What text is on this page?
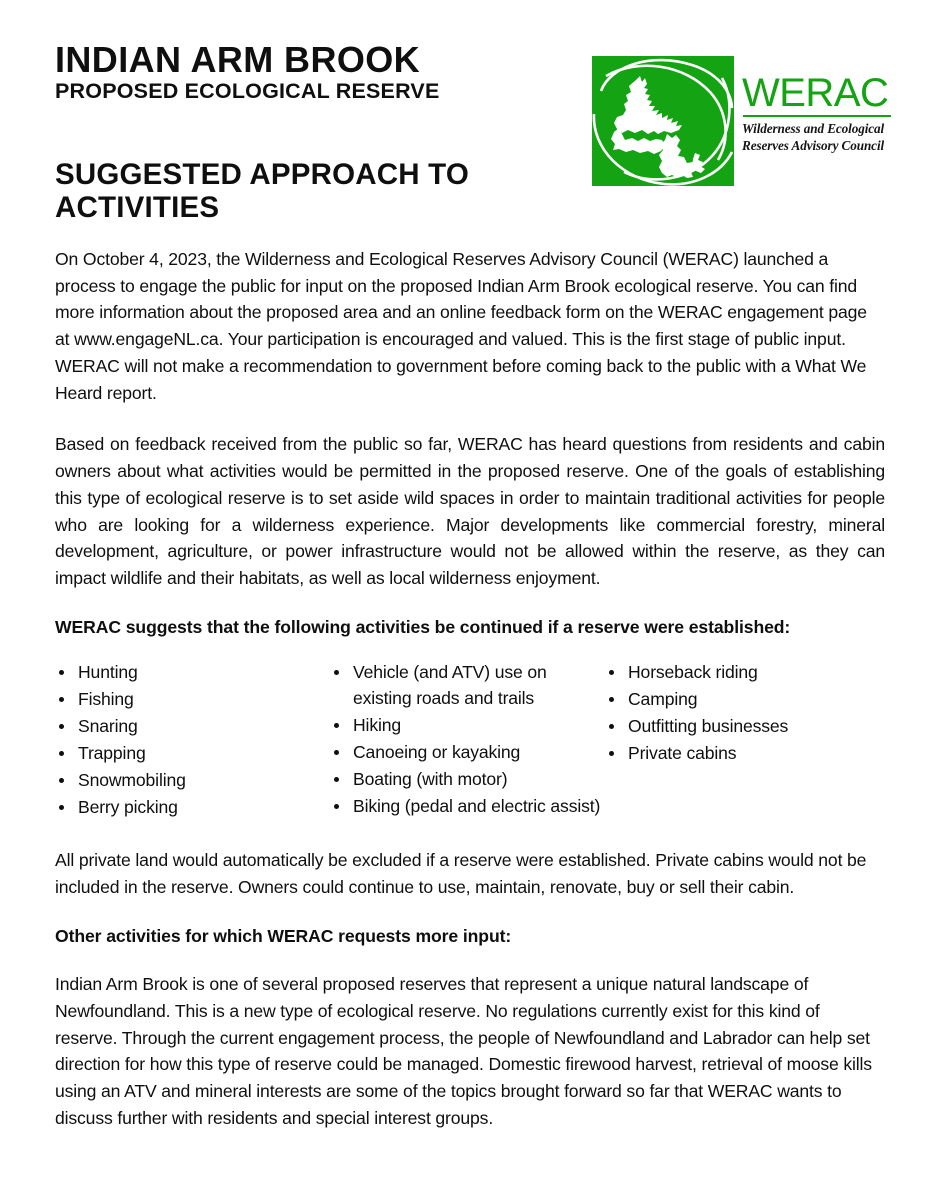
INDIAN ARM BROOK
PROPOSED ECOLOGICAL RESERVE
SUGGESTED APPROACH TO ACTIVITIES
WERAC
Wilderness and Ecological
Reserves Advisory Council

On October 4, 2023, the Wilderness and Ecological Reserves Advisory Council (WERAC) launched a process to engage the public for input on the proposed Indian Arm Brook ecological reserve. You can find more information about the proposed area and an online feedback form on the WERAC engagement page at www.engageNL.ca. Your participation is encouraged and valued. This is the first stage of public input. WERAC will not make a recommendation to government before coming back to the public with a What We Heard report.

Based on feedback received from the public so far, WERAC has heard questions from residents and cabin owners about what activities would be permitted in the proposed reserve. One of the goals of establishing this type of ecological reserve is to set aside wild spaces in order to maintain traditional activities for people who are looking for a wilderness experience. Major developments like commercial forestry, mineral development, agriculture, or power infrastructure would not be allowed within the reserve, as they can impact wildlife and their habitats, as well as local wilderness enjoyment.

WERAC suggests that the following activities be continued if a reserve were established:

Hunting
Fishing
Snaring
Trapping
Snowmobiling
Berry picking
Vehicle (and ATV) use on existing roads and trails
Hiking
Canoeing or kayaking
Boating (with motor)
Biking (pedal and electric assist)
Horseback riding
Camping
Outfitting businesses
Private cabins

All private land would automatically be excluded if a reserve were established. Private cabins would not be included in the reserve. Owners could continue to use, maintain, renovate, buy or sell their cabin.

Other activities for which WERAC requests more input:

Indian Arm Brook is one of several proposed reserves that represent a unique natural landscape of Newfoundland. This is a new type of ecological reserve. No regulations currently exist for this kind of reserve. Through the current engagement process, the people of Newfoundland and Labrador can help set direction for how this type of reserve could be managed. Domestic firewood harvest, retrieval of moose kills using an ATV and mineral interests are some of the topics brought forward so far that WERAC wants to discuss further with residents and special interest groups.
